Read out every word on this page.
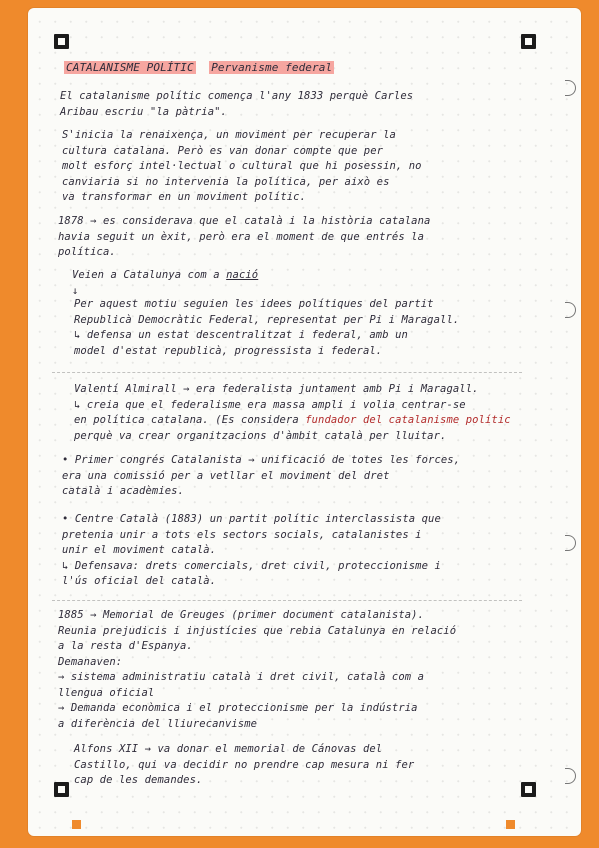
CATALANISME POLÍTIC Pervanisme federal
El catalanisme polític comença l'any 1833 perquè Carles
Aribau escriu "la pàtria".
S'inicia la renaixença, un moviment per recuperar la
cultura catalana. Però es van donar compte que per
molt esforç intel·lectual o cultural que hi posessin, no
canviaria si no intervenia la política, per això es
va transformar en un moviment polític.
1878 → es considerava que el català i la història catalana
havia seguit un èxit, però era el moment de que entrés la
política.
Veien a Catalunya com a nació
↓
Per aquest motiu seguien les idees polítiques del partit
Republicà Democràtic Federal, representat per Pi i Maragall.
↳ defensa un estat descentralitzat i federal, amb un
model d'estat republicà, progressista i federal.
Valentí Almirall → era federalista juntament amb Pi i Maragall.
↳ creia que el federalisme era massa ampli i volia centrar-se
en política catalana. (Es considera fundador del catalanisme polític
perquè va crear organitzacions d'àmbit català per lluitar.
• Primer congrés Catalanista → unificació de totes les forces,
era una comissió per a vetllar el moviment del dret
català i acadèmies.
• Centre Català (1883) un partit polític interclassista que
pretenia unir a tots els sectors socials, catalanistes i
unir el moviment català.
↳ Defensava: drets comercials, dret civil, proteccionisme i
l'ús oficial del català.
1885 → Memorial de Greuges (primer document catalanista).
Reunia prejudicis i injustícies que rebia Catalunya en relació
a la resta d'Espanya.
Demanaven:
→ sistema administratiu català i dret civil, català com a
llengua oficial
→ Demanda econòmica i el proteccionisme per la indústria
a diferència del lliurecanvisme
Alfons XII → va donar el memorial de Cánovas del
Castillo, qui va decidir no prendre cap mesura ni fer
cap de les demandes.
